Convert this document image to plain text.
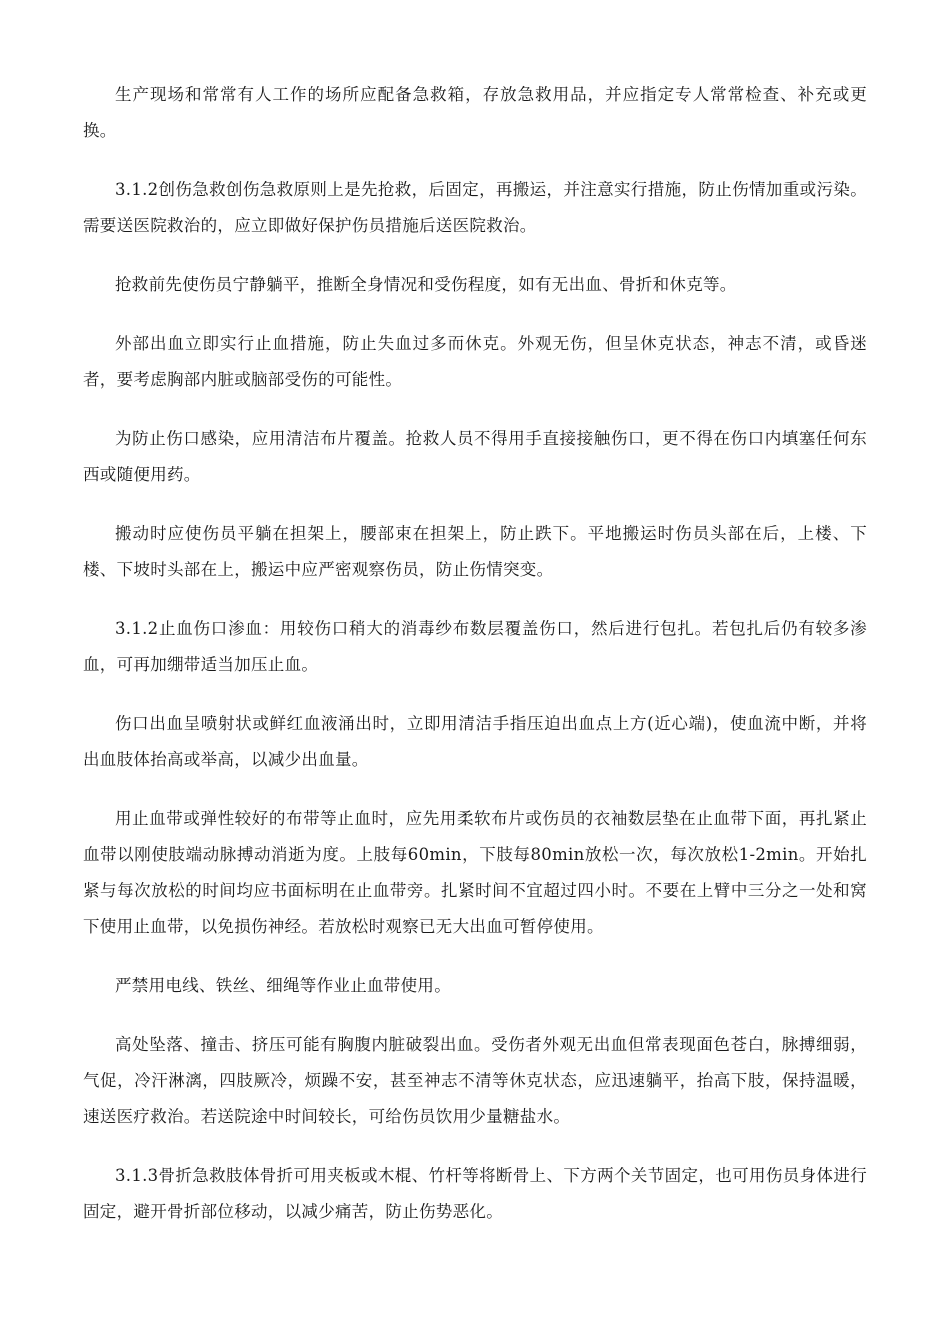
生产现场和常常有人工作的场所应配备急救箱，存放急救用品，并应指定专人常常检查、补充或更换。

3.1.2创伤急救创伤急救原则上是先抢救，后固定，再搬运，并注意实行措施，防止伤情加重或污染。需要送医院救治的，应立即做好保护伤员措施后送医院救治。

抢救前先使伤员宁静躺平，推断全身情况和受伤程度，如有无出血、骨折和休克等。

外部出血立即实行止血措施，防止失血过多而休克。外观无伤，但呈休克状态，神志不清，或昏迷者，要考虑胸部内脏或脑部受伤的可能性。

为防止伤口感染，应用清洁布片覆盖。抢救人员不得用手直接接触伤口，更不得在伤口内填塞任何东西或随便用药。

搬动时应使伤员平躺在担架上，腰部束在担架上，防止跌下。平地搬运时伤员头部在后，上楼、下楼、下坡时头部在上，搬运中应严密观察伤员，防止伤情突变。

3.1.2止血伤口渗血：用较伤口稍大的消毒纱布数层覆盖伤口，然后进行包扎。若包扎后仍有较多渗血，可再加绷带适当加压止血。

伤口出血呈喷射状或鲜红血液涌出时，立即用清洁手指压迫出血点上方(近心端)，使血流中断，并将出血肢体抬高或举高，以减少出血量。

用止血带或弹性较好的布带等止血时，应先用柔软布片或伤员的衣袖数层垫在止血带下面，再扎紧止血带以刚使肢端动脉搏动消逝为度。上肢每60min，下肢每80min放松一次，每次放松1-2min。开始扎紧与每次放松的时间均应书面标明在止血带旁。扎紧时间不宜超过四小时。不要在上臂中三分之一处和窝下使用止血带，以免损伤神经。若放松时观察已无大出血可暂停使用。

严禁用电线、铁丝、细绳等作业止血带使用。

高处坠落、撞击、挤压可能有胸腹内脏破裂出血。受伤者外观无出血但常表现面色苍白，脉搏细弱，气促，冷汗淋漓，四肢厥冷，烦躁不安，甚至神志不清等休克状态，应迅速躺平，抬高下肢，保持温暖，速送医疗救治。若送院途中时间较长，可给伤员饮用少量糖盐水。

3.1.3骨折急救肢体骨折可用夹板或木棍、竹杆等将断骨上、下方两个关节固定，也可用伤员身体进行固定，避开骨折部位移动，以减少痛苦，防止伤势恶化。
